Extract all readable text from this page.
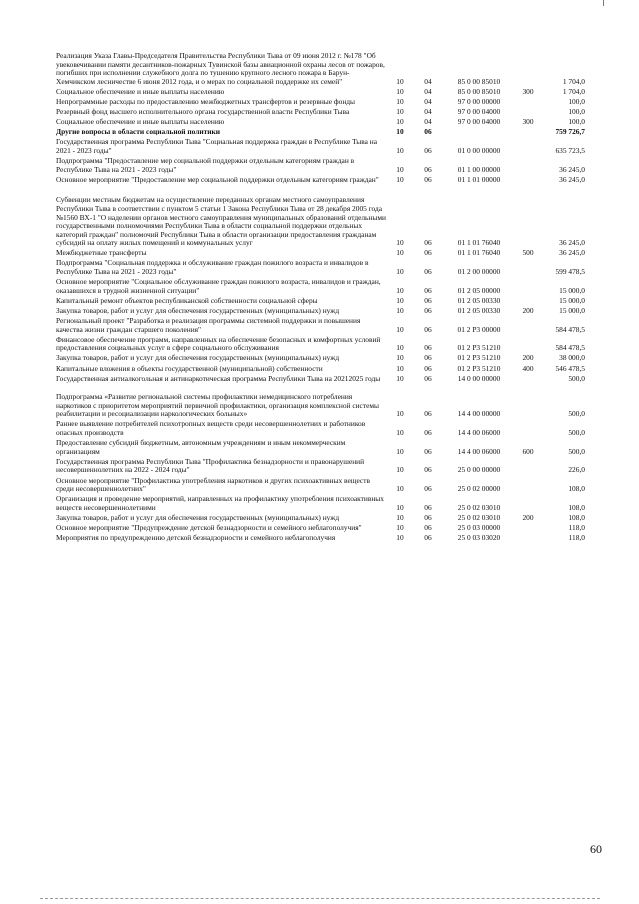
Реализация Указа Главы-Председателя Правительства Республики Тыва от 09 июня 2012 г. №178 "Об увековечивании памяти десантников-пожарных Тувинской базы авиационной охраны лесов от пожаров, погибших при исполнении служебного долга по тушению крупного лесного пожара в Барун-Хемчикском лесничестве 6 июня 2012 года, и о мерах по социальной поддержке их семей"	10	04	85 0 00 85010	1 704,0
Социальное обеспечение и иные выплаты населению	10	04	85 0 00 85010	300	1 704,0
Непрограммные расходы по предоставлению межбюджетных трансфертов и резервные фонды	10	04	97 0 00 00000	100,0
Резервный фонд высшего исполнительного органа государственной власти Республики Тыва	10	04	97 0 00 04000	100,0
Социальное обеспечение и иные выплаты населению	10	04	97 0 00 04000	300	100,0
Другие вопросы в области социальной политики	10	06	759 726,7
Государственная программа Республики Тыва "Социальная поддержка граждан в Республике Тыва на 2021 - 2023 годы"	10	06	01 0 00 00000	635 723,5
Подпрограмма "Предоставление мер социальной поддержки отдельным категориям граждан в Республике Тыва на 2021 - 2023 годы"	10	06	01 1 00 00000	36 245,0
Основное мероприятие "Предоставление мер социальной поддержки отдельным категориям граждан"	10	06	01 1 01 00000	36 245,0
Субвенции местным бюджетам на осуществление переданных органам местного самоуправления Республики Тыва в соответствии с пунктом 5 статьи 1 Закона Республики Тыва от 28 декабря 2005 года №1560 ВХ-1 "О наделении органов местного самоуправления муниципальных образований отдельными государственными полномочиями Республики Тыва в области социальной поддержки отдельных категорий граждан" полномочий Республики Тыва в области организации предоставления гражданам субсидий на оплату жилых помещений и коммунальных услуг	10	06	01 1 01 76040	36 245,0
Межбюджетные трансферты	10	06	01 1 01 76040	500	36 245,0
Подпрограмма "Социальная поддержка и обслуживание граждан пожилого возраста и инвалидов в Республике Тыва на 2021 - 2023 годы"	10	06	01 2 00 00000	599 478,5
Основное мероприятие "Социальное обслуживание граждан пожилого возраста, инвалидов и граждан, оказавшихся в трудной жизненной ситуации"	10	06	01 2 05 00000	15 000,0
Капитальный ремонт объектов республиканской собственности социальной сферы	10	06	01 2 05 00330	15 000,0
Закупка товаров, работ и услуг для обеспечения государственных (муниципальных) нужд	10	06	01 2 05 00330	200	15 000,0
Региональный проект "Разработка и реализация программы системной поддержки и повышения качества жизни граждан старшего поколения"	10	06	01 2 P3 00000	584 478,5
Финансовое обеспечение программ, направленных на обеспечение безопасных и комфортных условий предоставления социальных услуг в сфере социального обслуживания	10	06	01 2 P3 51210	584 478,5
Закупка товаров, работ и услуг для обеспечения государственных (муниципальных) нужд	10	06	01 2 P3 51210	200	38 000,0
Капитальные вложения в объекты государственной (муниципальной) собственности	10	06	01 2 P3 51210	400	546 478,5
Государственная антиалкогольная и антинаркотическая программа Республики Тыва на 20212025 годы	10	06	14 0 00 00000	500,0
Подпрограмма «Развитие региональной системы профилактики немедицинского потребления наркотиков с приоритетом мероприятий первичной профилактики, организация комплексной системы реабилитации и ресоциализации наркологических больных»	10	06	14 4 00 00000	500,0
Раннее выявление потребителей психотропных веществ среди несовершеннолетних и работников опасных производств	10	06	14 4 00 06000	500,0
Предоставление субсидий бюджетным, автономным учреждениям и иным некоммерческим организациям	10	06	14 4 00 06000	600	500,0
Государственная программа Республики Тыва "Профилактика безнадзорности и правонарушений несовершеннолетних на 2022 - 2024 годы"	10	06	25 0 00 00000	226,0
Основное мероприятие "Профилактика употребления наркотиков и других психоактивных веществ среди несовершеннолетних"	10	06	25 0 02 00000	108,0
Организация и проведение мероприятий, направленных на профилактику употребления психоактивных веществ несовершеннолетними	10	06	25 0 02 03010	108,0
Закупка товаров, работ и услуг для обеспечения государственных (муниципальных) нужд	10	06	25 0 02 03010	200	108,0
Основное мероприятие "Предупреждение детской безнадзорности и семейного неблагополучия"	10	06	25 0 03 00000	118,0
Мероприятия по предупреждению детской безнадзорности и семейного неблагополучия	10	06	25 0 03 03020	118,0
60
